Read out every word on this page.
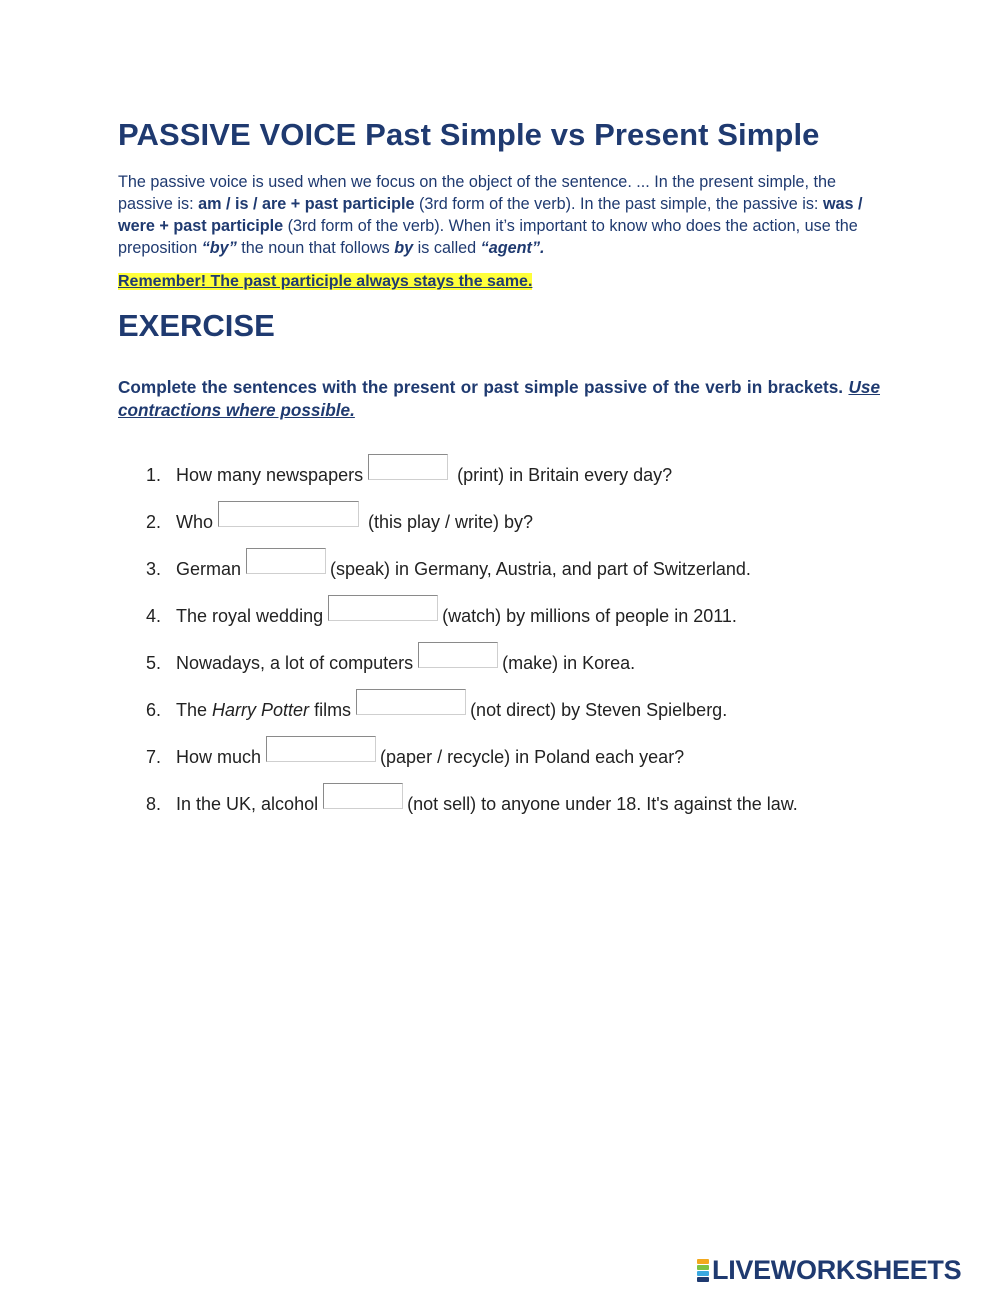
PASSIVE VOICE Past Simple vs Present Simple

The passive voice is used when we focus on the object of the sentence. ... In the present simple, the passive is: am / is / are + past participle (3rd form of the verb). In the past simple, the passive is: was / were + past participle (3rd form of the verb). When it’s important to know who does the action, use the preposition “by” the noun that follows by is called “agent”.

Remember! The past participle always stays the same.

EXERCISE

Complete the sentences with the present or past simple passive of the verb in brackets. Use contractions where possible.

1. How many newspapers	(print) in Britain every day?
2. Who	(this play / write) by?
3. German	(speak) in Germany, Austria, and part of Switzerland.
4. The royal wedding	(watch) by millions of people in 2011.
5. Nowadays, a lot of computers	(make) in Korea.
6. The Harry Potter films	(not direct) by Steven Spielberg.
7. How much	(paper / recycle) in Poland each year?
8. In the UK, alcohol	(not sell) to anyone under 18. It's against the law.
LIVEWORKSHEETS
